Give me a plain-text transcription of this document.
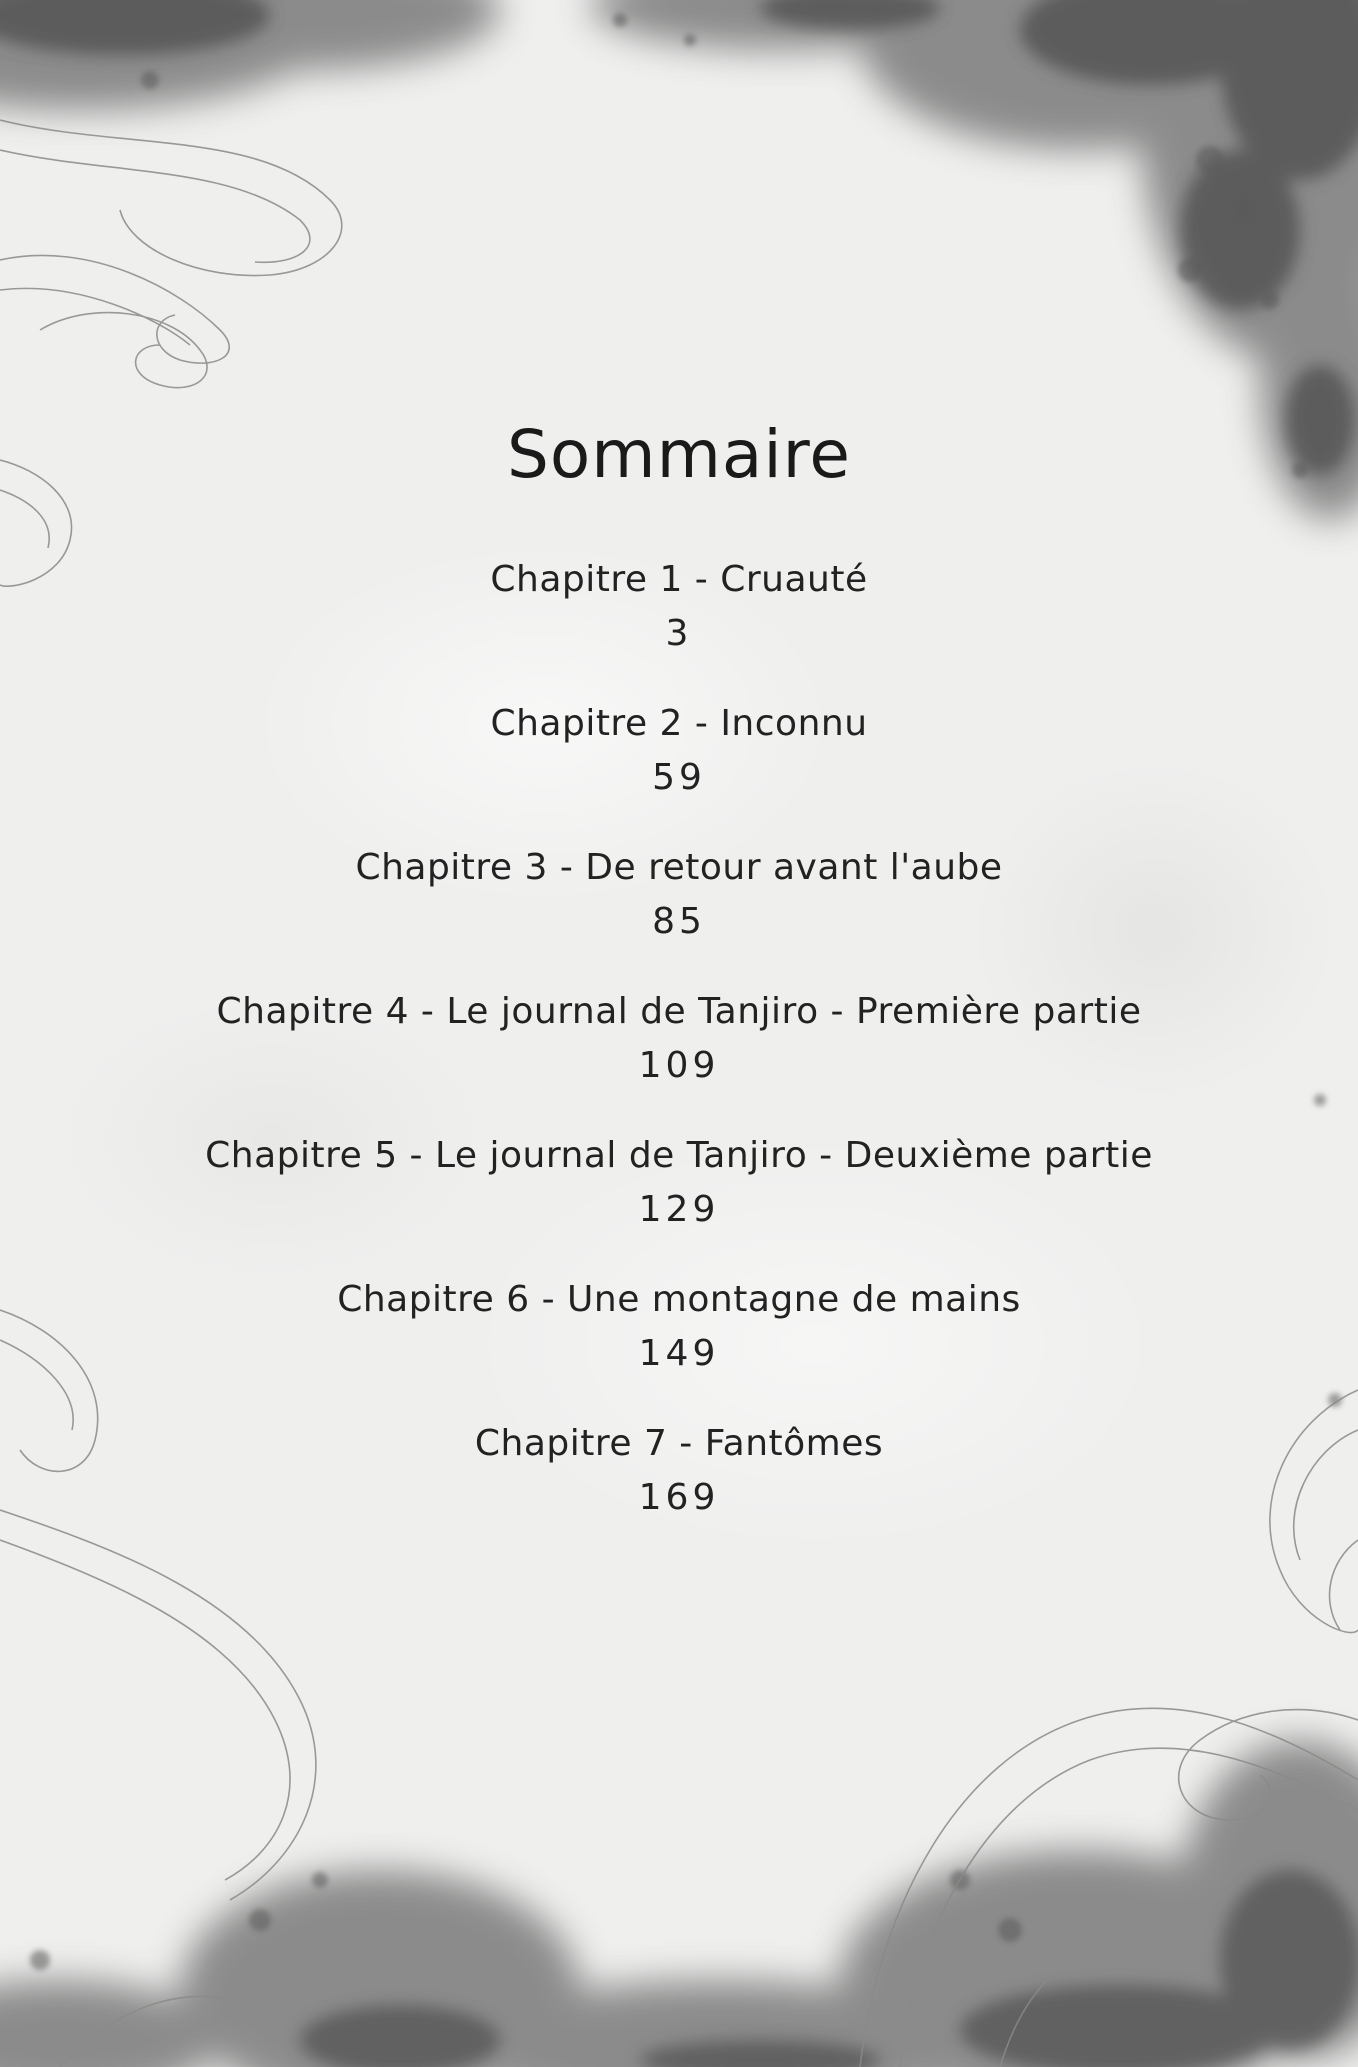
Sommaire
Chapitre 1 - Cruauté
3
Chapitre 2 - Inconnu
59
Chapitre 3 - De retour avant l'aube
85
Chapitre 4 - Le journal de Tanjiro - Première partie
109
Chapitre 5 - Le journal de Tanjiro - Deuxième partie
129
Chapitre 6 - Une montagne de mains
149
Chapitre 7 - Fantômes
169
